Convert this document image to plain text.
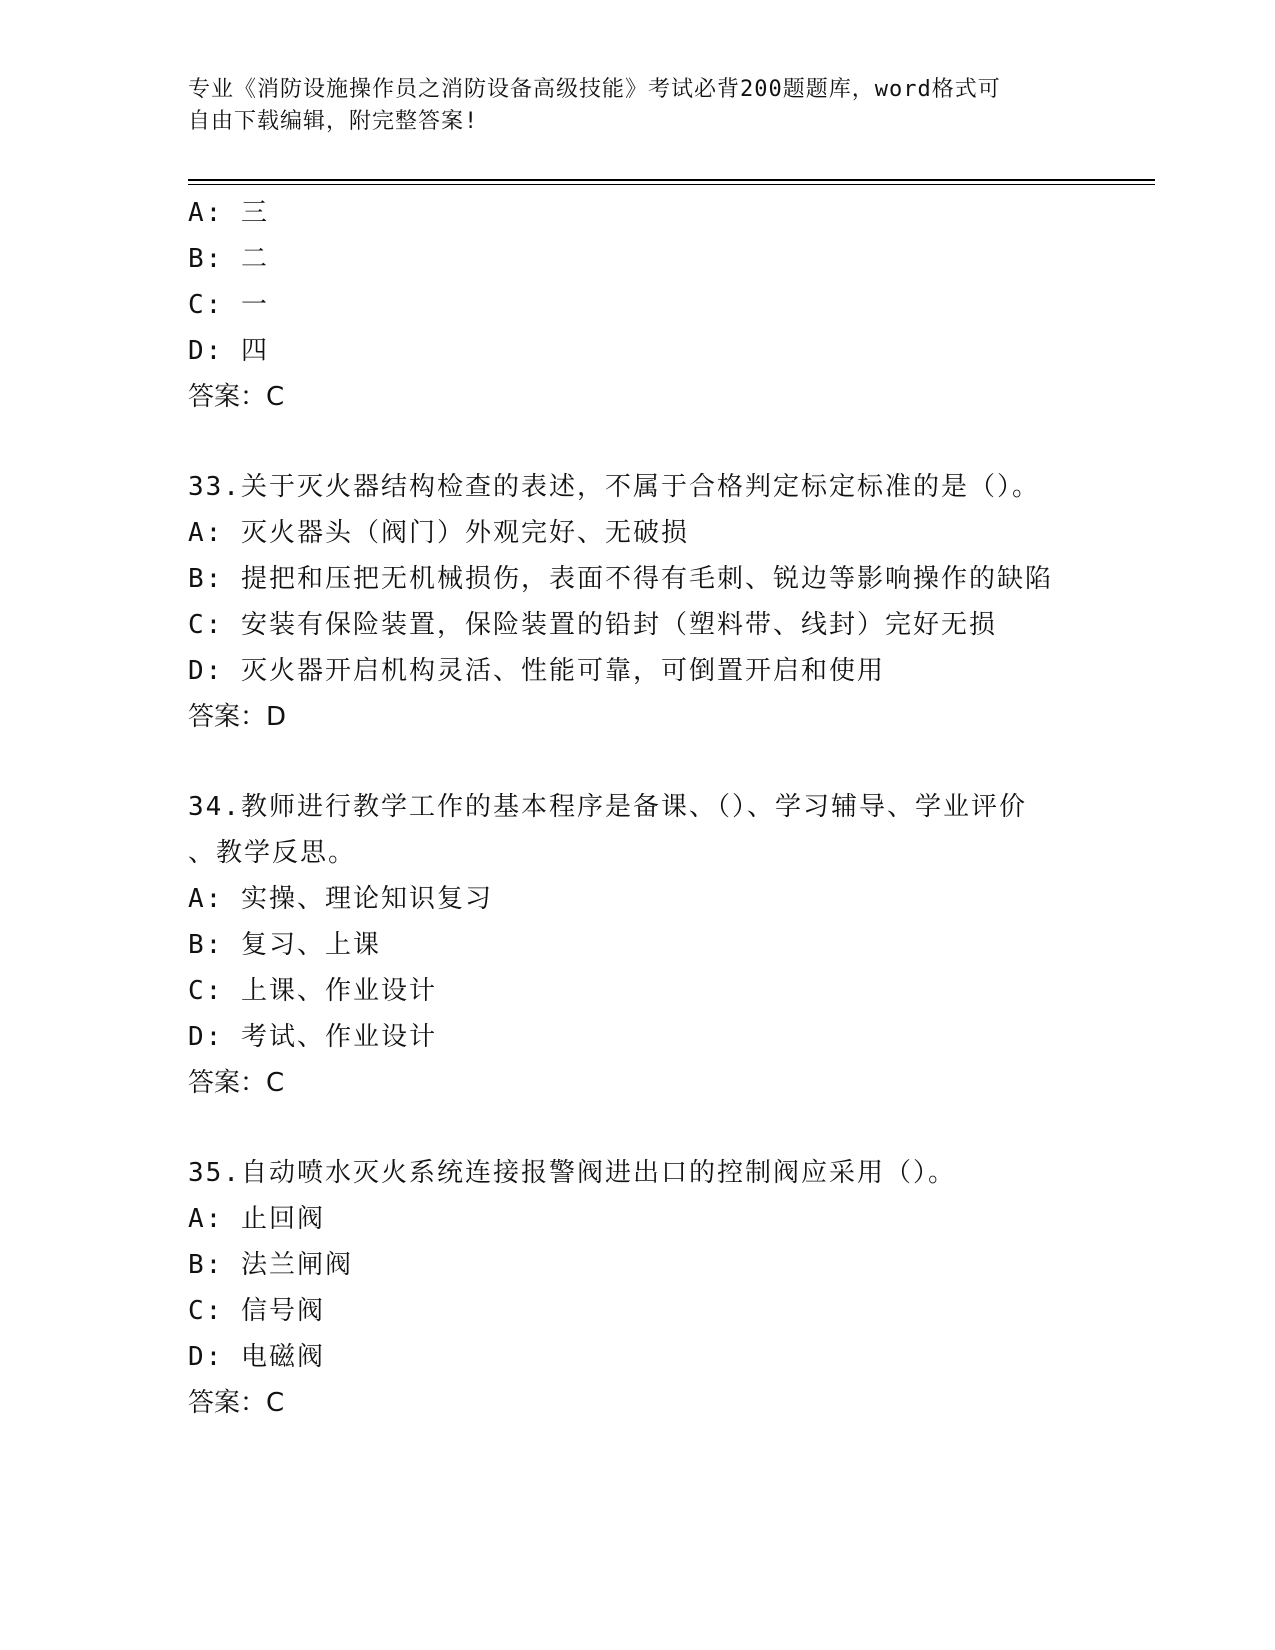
专业《消防设施操作员之消防设备高级技能》考试必背200题题库，word格式可
自由下载编辑，附完整答案!
A: 三
B: 二
C: 一
D: 四
答案：C
33.关于灭火器结构检查的表述，不属于合格判定标定标准的是（）。
A: 灭火器头（阀门）外观完好、无破损
B: 提把和压把无机械损伤，表面不得有毛刺、锐边等影响操作的缺陷
C: 安装有保险装置，保险装置的铅封（塑料带、线封）完好无损
D: 灭火器开启机构灵活、性能可靠，可倒置开启和使用
答案：D
34.教师进行教学工作的基本程序是备课、（）、学习辅导、学业评价
、教学反思。
A: 实操、理论知识复习
B: 复习、上课
C: 上课、作业设计
D: 考试、作业设计
答案：C
35.自动喷水灭火系统连接报警阀进出口的控制阀应采用（）。
A: 止回阀
B: 法兰闸阀
C: 信号阀
D: 电磁阀
答案：C
